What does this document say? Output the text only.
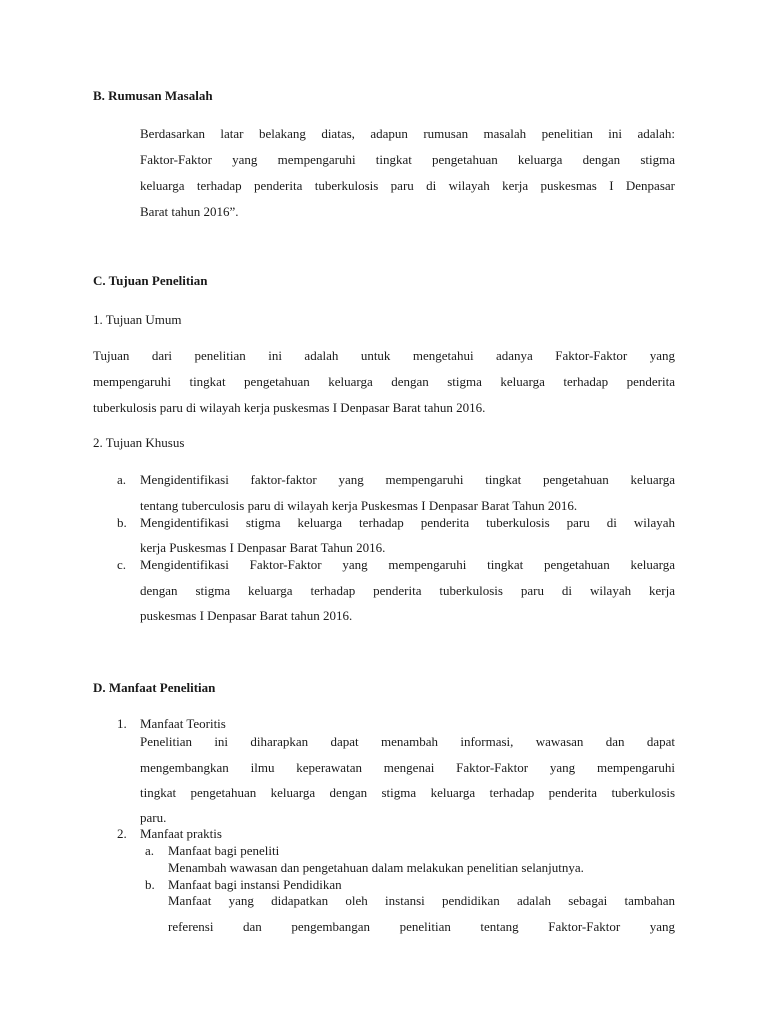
B. Rumusan Masalah
Berdasarkan latar belakang diatas, adapun rumusan masalah penelitian ini adalah:
Faktor-Faktor yang mempengaruhi tingkat pengetahuan keluarga dengan stigma
keluarga terhadap penderita tuberkulosis paru di wilayah kerja puskesmas I Denpasar
Barat tahun 2016”.
C. Tujuan Penelitian
1. Tujuan Umum
Tujuan dari penelitian ini adalah untuk mengetahui adanya Faktor-Faktor yang
mempengaruhi tingkat pengetahuan keluarga dengan stigma keluarga terhadap penderita
tuberkulosis paru di wilayah kerja puskesmas I Denpasar Barat tahun 2016.
2. Tujuan Khusus
a. Mengidentifikasi faktor-faktor yang mempengaruhi tingkat pengetahuan keluarga
tentang tuberculosis paru di wilayah kerja Puskesmas I Denpasar Barat Tahun 2016.
b. Mengidentifikasi stigma keluarga terhadap penderita tuberkulosis paru di wilayah
kerja Puskesmas I Denpasar Barat Tahun 2016.
c. Mengidentifikasi Faktor-Faktor yang mempengaruhi tingkat pengetahuan keluarga
dengan stigma keluarga terhadap penderita tuberkulosis paru di wilayah kerja
puskesmas I Denpasar Barat tahun 2016.
D. Manfaat Penelitian
1. Manfaat Teoritis
Penelitian ini diharapkan dapat menambah informasi, wawasan dan dapat
mengembangkan ilmu keperawatan mengenai Faktor-Faktor yang mempengaruhi
tingkat pengetahuan keluarga dengan stigma keluarga terhadap penderita tuberkulosis
paru.
2. Manfaat praktis
a. Manfaat bagi peneliti
Menambah wawasan dan pengetahuan dalam melakukan penelitian selanjutnya.
b. Manfaat bagi instansi Pendidikan
Manfaat yang didapatkan oleh instansi pendidikan adalah sebagai tambahan
referensi dan pengembangan penelitian tentang Faktor-Faktor yang
